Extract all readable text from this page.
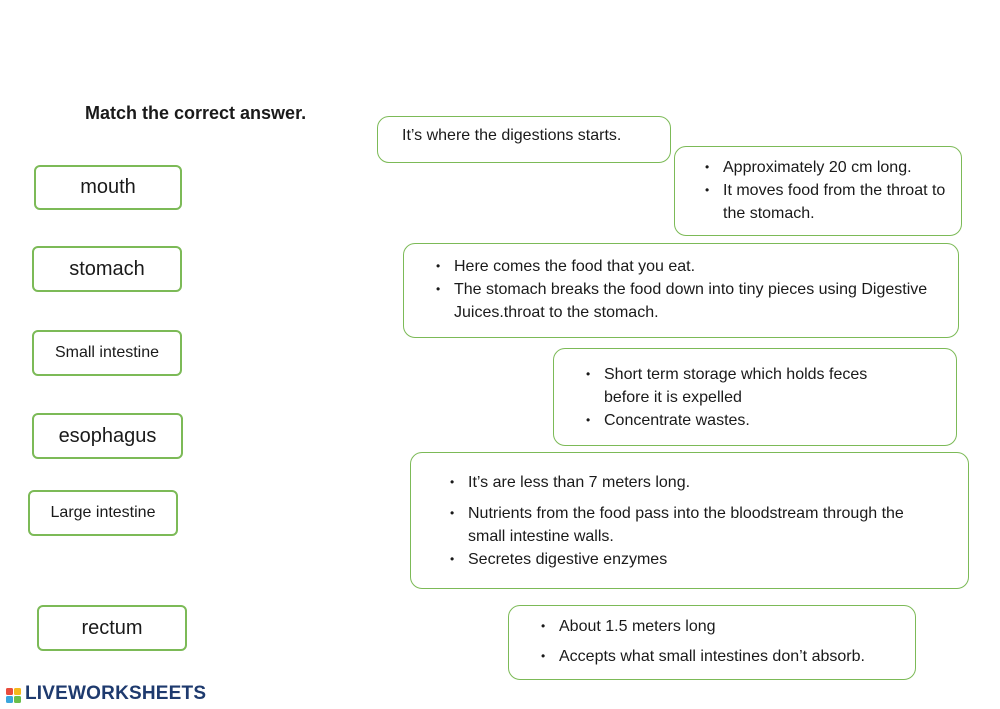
Match the correct answer.
mouth
stomach
Small intestine
esophagus
Large intestine
rectum
It’s where the digestions starts.
• Approximately 20 cm long.
• It moves food from the throat to the stomach.
• Here comes the food that you eat.
• The stomach breaks the food down into tiny pieces using Digestive Juices.throat to the stomach.
• Short term storage which holds feces before it is expelled
• Concentrate wastes.
• It’s are less than 7 meters long.
• Nutrients from the food pass into the bloodstream through the small intestine walls.
• Secretes digestive enzymes
• About 1.5 meters long
• Accepts what small intestines don’t absorb.
LIVEWORKSHEETS
